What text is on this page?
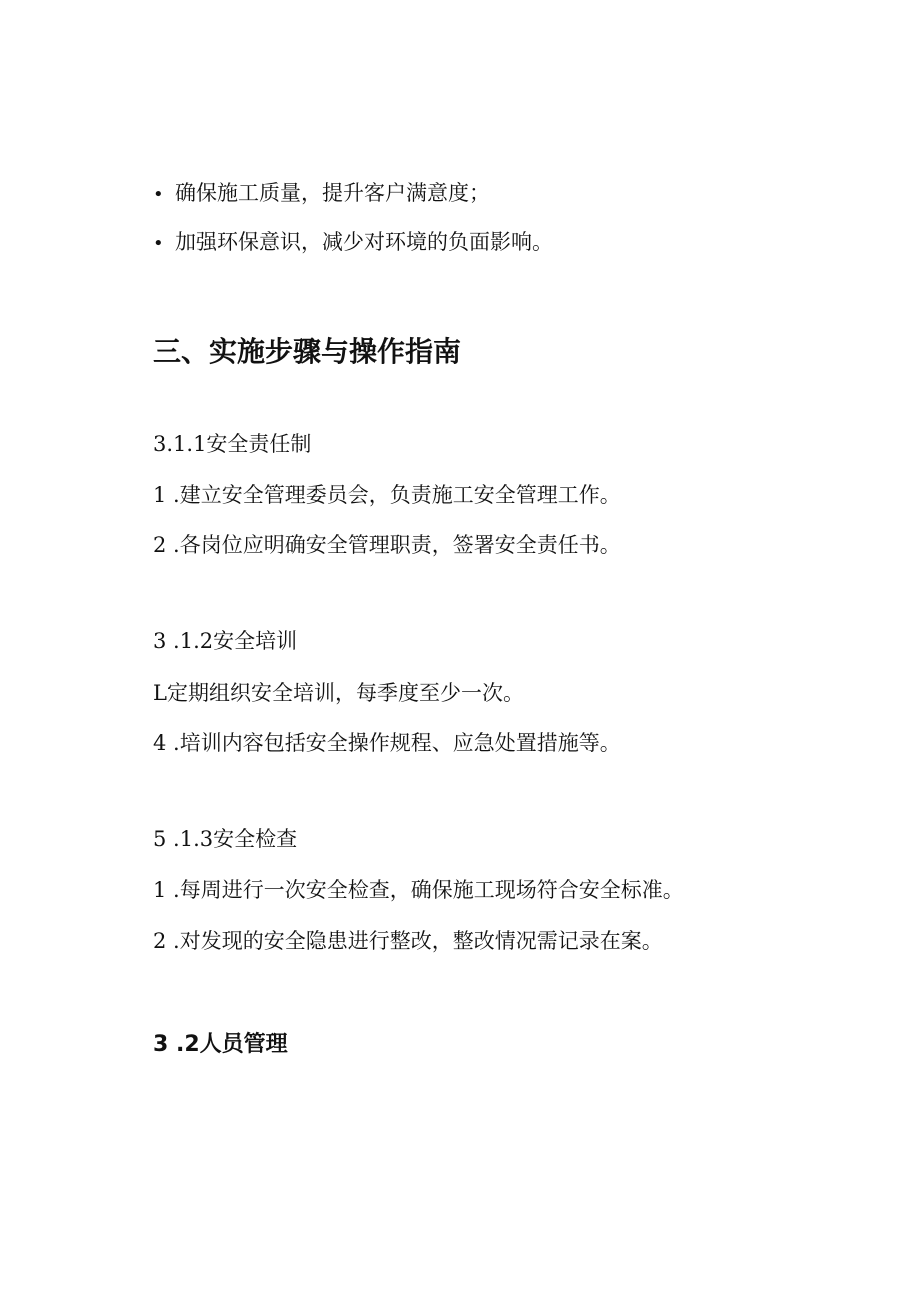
• 确保施工质量，提升客户满意度；
• 加强环保意识，减少对环境的负面影响。
三、实施步骤与操作指南
3.1.1安全责任制
1 .建立安全管理委员会，负责施工安全管理工作。
2 .各岗位应明确安全管理职责，签署安全责任书。
3 .1.2安全培训
L定期组织安全培训，每季度至少一次。
4 .培训内容包括安全操作规程、应急处置措施等。
5 .1.3安全检查
1 .每周进行一次安全检查，确保施工现场符合安全标准。
2 .对发现的安全隐患进行整改，整改情况需记录在案。
3 .2人员管理
